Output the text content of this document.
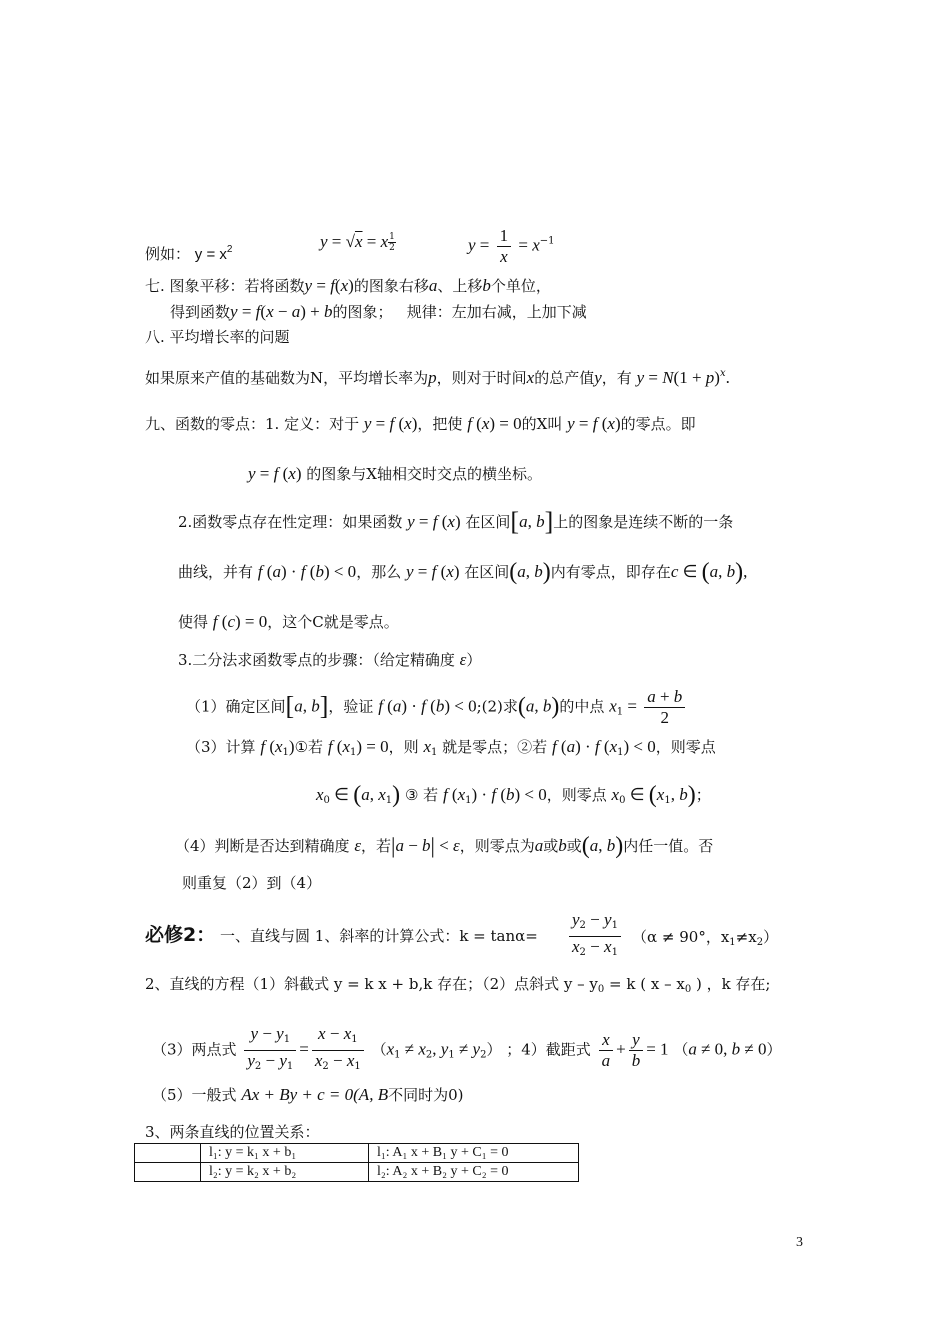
例如： $y = x^2$	y = √x = x $\frac{1}{2}$	$y = \frac{1}{x} = x^{-1}$
七. 图象平移：若将函数y = f(x)的图象右移a、上移b个单位，
得到函数y = f(x − a) + b的图象； 规律：左加右减，上加下减
八. 平均增长率的问题
如果原来产值的基础数为N，平均增长率为p，则对于时间x的总产值y，有 $y = N(1 + p)^x$.
九、函数的零点：1. 定义：对于 y = f (x)，把使 f (x) = 0的X叫 y = f (x)的零点。即
y = f (x) 的图象与X轴相交时交点的横坐标。
2.函数零点存在性定理：如果函数 y = f (x) 在区间[a, b]上的图象是连续不断的一条
曲线，并有 f (a) · f (b) < 0，那么 y = f (x) 在区间(a, b)内有零点，即存在c ∈ (a, b),
使得 f (c) = 0，这个C就是零点。
3.二分法求函数零点的步骤：（给定精确度 ε）
（1）确定区间[a, b]，验证 f (a) · f (b) < 0;(2)求(a, b)的中点 $x_1 = \frac{a + b}{2}$
（3）计算 f $(x_1)①$若 f $(x_1) = 0$，则 $x_1$ 就是零点；②若 f (a) · f $(x_1) < 0$，则零点
$x_0$ ∈ (a, $x_1$) ③ 若 f $(x_1) \cdot f$ (b) < 0，则零点 $x_0$ ∈ ($x_1$, b)；
（4）判断是否达到精确度 ε，若|a − b| < ε，则零点为a或b或(a, b)内任一值。否
则重复（2）到（4）
必修2： 一、直线与圆 1、斜率的计算公式：$k = \tan\alpha= \frac{y_2 - y_1}{x_2 - x_1} (\alpha \ne 90^\circ$，$x_1\ne x_2$）
2、直线的方程（1）斜截式 y = k x + b,k 存在；（2）点斜式 $y - y_0 = k$ ( x – $x_0$ ) ，k 存在;
（3）两点式 $\frac{y - y_1}{y_2 - y_1} = \frac{x - x_1}{x_2 - x_1} (x_1 \ne x_2$, $y_1 \ne y_2$） ；4）截距式 $\frac{x}{a} + \frac{y}{b} = 1$ （a ≠ 0, b ≠ 0）
（5）一般式 Ax + By + c = 0(A, B不同时为0)
3、两条直线的位置关系：
	l₁: y = k₁ x + b₁	l₁: A₁ x + B₁ y + C₁ = 0
	l₂: y = k₂ x + b₂	l₂: A₂ x + B₂ y + C₂ = 0
3
